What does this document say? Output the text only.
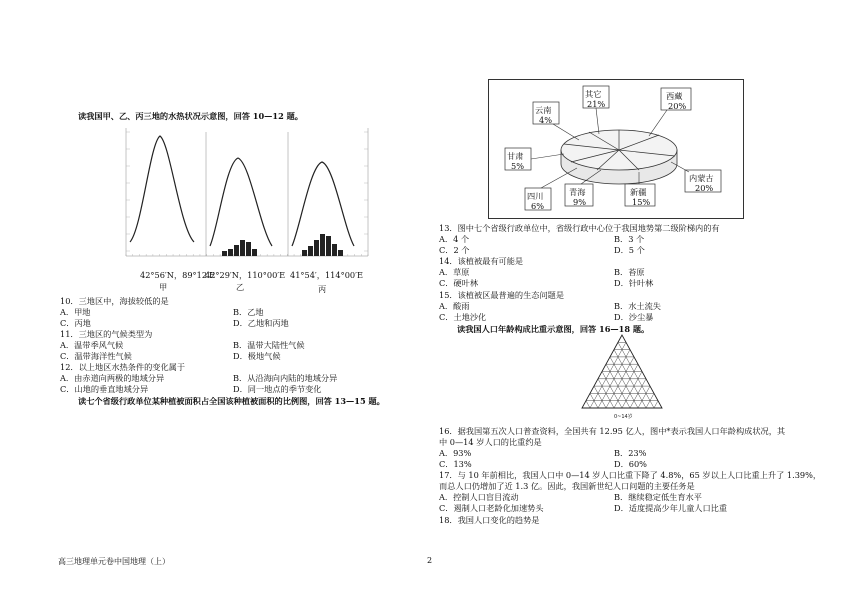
读我国甲、乙、丙三地的水热状况示意图，回答 10—12 题。
42°56′N，89°12′E
42°29′N，110°00′E 41°54′，114°00′E
甲	乙	丙
10．三地区中，海拔较低的是
A．甲地	B．乙地
C．丙地	D．乙地和丙地
11．三地区的气候类型为
A．温带季风气候	B．温带大陆性气候
C．温带海洋性气候	D．极地气候
12．以上地区水热条件的变化属于
A．由赤道向两极的地域分异	B．从沿海向内陆的地域分异
C．山地的垂直地域分异	D．同一地点的季节变化
读七个省级行政单位某种植被面积占全国该种植被面积的比例图，回答 13—15 题。
其它
21%
西藏
20%
云南
4%
甘肃
5%
四川
6%
青海
9%
新疆
15%
内蒙古
20%
13．图中七个省级行政单位中，省级行政中心位于我国地势第二级阶梯内的有
A．4 个	B．3 个
C．2 个	D．5 个
14．该植被最有可能是
A．草原	B．苔原
C．硬叶林	D．针叶林
15．该植被区最普遍的生态问题是
A．酸雨	B．水土流失
C．土地沙化	D．沙尘暴
读我国人口年龄构成比重示意图，回答 16—18 题。
0~14岁
16．据我国第五次人口普查资料，全国共有 12.95 亿人，图中*表示我国人口年龄构成状况，其
中 0—14 岁人口的比重约是
A．93%	B．23%
C．13%	D．60%
17．与 10 年前相比，我国人口中 0—14 岁人口比重下降了 4.8%，65 岁以上人口比重上升了 1.39%，
而总人口仍增加了近 1.3 亿。因此，我国新世纪人口问题的主要任务是
A．控制人口盲目流动	B．继续稳定低生育水平
C．遏制人口老龄化加速势头	D．适度提高少年儿童人口比重
18．我国人口变化的趋势是
高三地理单元卷中国地理（上）	2
